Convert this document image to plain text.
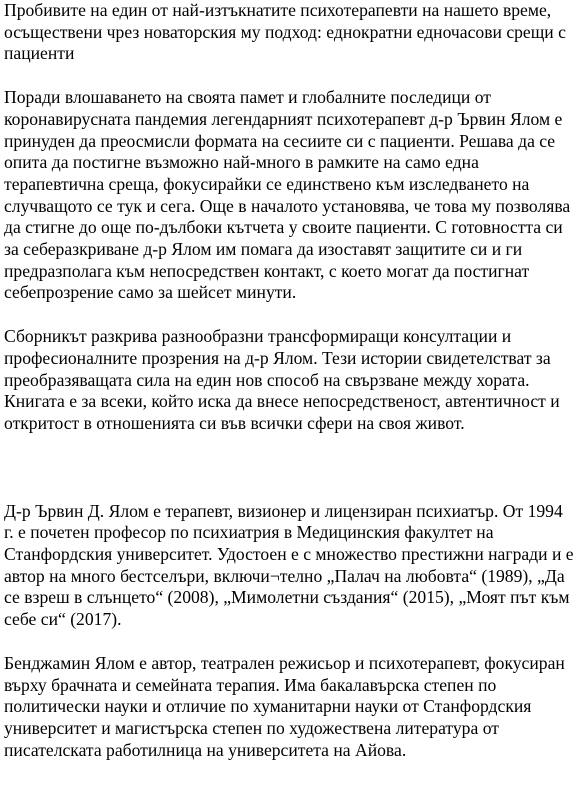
Пробивите на един от най-изтъкнатите психотерапевти на нашето време, осъществени чрез новаторския му подход: еднократни едночасови срещи с пациенти

Поради влошаването на своята памет и глобалните последици от коронавирусната пандемия легендарният психотерапевт д-р Ървин Ялом е принуден да преосмисли формата на сесиите си с пациенти. Решава да се опита да постигне възможно най-много в рамките на само една терапевтична среща, фокусирайки се единствено към изследването на случващото се тук и сега. Още в началото установява, че това му позволява да стигне до още по-дълбоки кътчета у своите пациенти. С готовността си за себеразкриване д-р Ялом им помага да изоставят защитите си и ги предразполага към непосредствен контакт, с което могат да постигнат себепрозрение само за шейсет минути.

Сборникът разкрива разнообразни трансформиращи консултации и професионалните прозрения на д-р Ялом. Тези истории свидетелстват за преобразяващата сила на един нов способ на свързване между хората. Книгата е за всеки, който иска да внесе непосредственост, автентичност и откритост в отношенията си във всички сфери на своя живот.

Д-р Ървин Д. Ялом е терапевт, визионер и лицензиран психиатър. От 1994 г. е почетен професор по психиатрия в Медицинския факултет на Станфордския университет. Удостоен е с множество престижни награди и е автор на много бестселъри, включи¬телно „Палач на любовта“ (1989), „Да се взреш в слънцето“ (2008), „Мимолетни създания“ (2015), „Моят път към себе си“ (2017).

Бенджамин Ялом е автор, театрален режисьор и психотерапевт, фокусиран върху брачната и семейната терапия. Има бакалавърска степен по политически науки и отличие по хуманитарни науки от Станфордския университет и магистърска степен по художествена литература от писателската работилница на университета на Айова.
